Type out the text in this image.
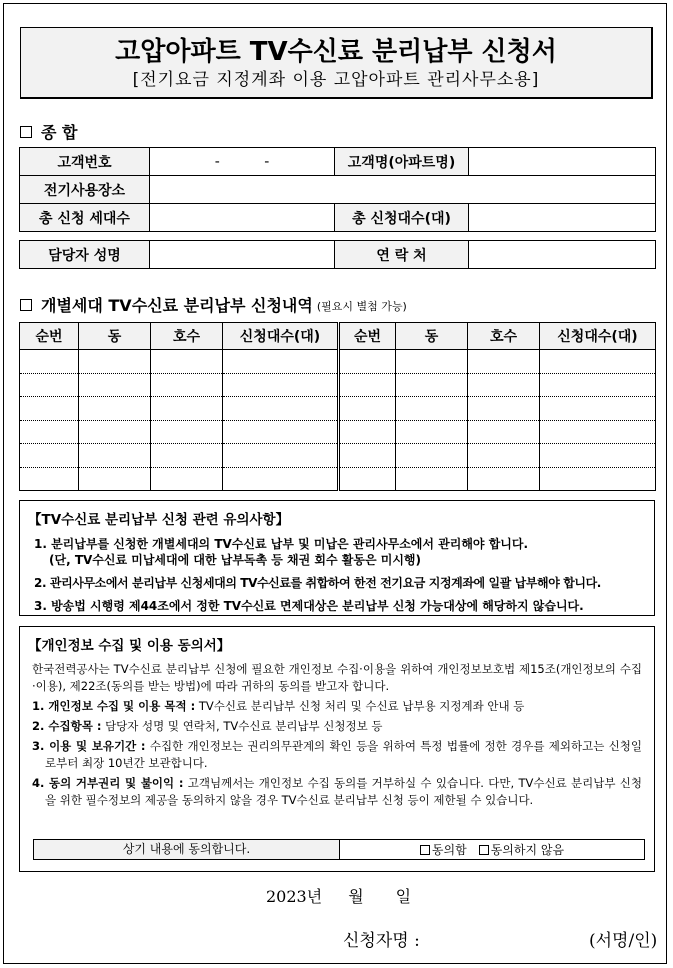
고압아파트 TV수신료 분리납부 신청서
[전기요금 지정계좌 이용 고압아파트 관리사무소용]
종 합
고객번호	-          -	고객명(아파트명)	
전기사용장소			
총 신청 세대수		총 신청대수(대)	
담당자 성명		연 락 처	
개별세대 TV수신료 분리납부 신청내역 (필요시 별첨 가능)
순번	동	호수	신청대수(대)	순번	동	호수	신청대수(대)

【TV수신료 분리납부 신청 관련 유의사항】
1. 분리납부를 신청한 개별세대의 TV수신료 납부 및 미납은 관리사무소에서 관리해야 합니다.
(단, TV수신료 미납세대에 대한 납부독촉 등 채권 회수 활동은 미시행)
2. 관리사무소에서 분리납부 신청세대의 TV수신료를 취합하여 한전 전기요금 지정계좌에 일괄 납부해야 합니다.
3. 방송법 시행령 제44조에서 정한 TV수신료 면제대상은 분리납부 신청 가능대상에 해당하지 않습니다.
【개인정보 수집 및 이용 동의서】
한국전력공사는 TV수신료 분리납부 신청에 필요한 개인정보 수집·이용을 위하여 개인정보보호법 제15조(개인정보의 수집·이용), 제22조(동의를 받는 방법)에 따라 귀하의 동의를 받고자 합니다.
1. 개인정보 수집 및 이용 목적 : TV수신료 분리납부 신청 처리 및 수신료 납부용 지정계좌 안내 등
2. 수집항목 : 담당자 성명 및 연락처, TV수신료 분리납부 신청정보 등
3. 이용 및 보유기간 : 수집한 개인정보는 권리의무관계의 확인 등을 위하여 특정 법률에 정한 경우를 제외하고는 신청일로부터 최장 10년간 보관합니다.
4. 동의 거부권리 및 불이익 : 고객님께서는 개인정보 수집 동의를 거부하실 수 있습니다. 다만, TV수신료 분리납부 신청을 위한 필수정보의 제공을 동의하지 않을 경우 TV수신료 분리납부 신청 등이 제한될 수 있습니다.
상기 내용에 동의합니다.	동의함 동의하지 않음
2023년 월 일
신청자명 :	(서명/인)
